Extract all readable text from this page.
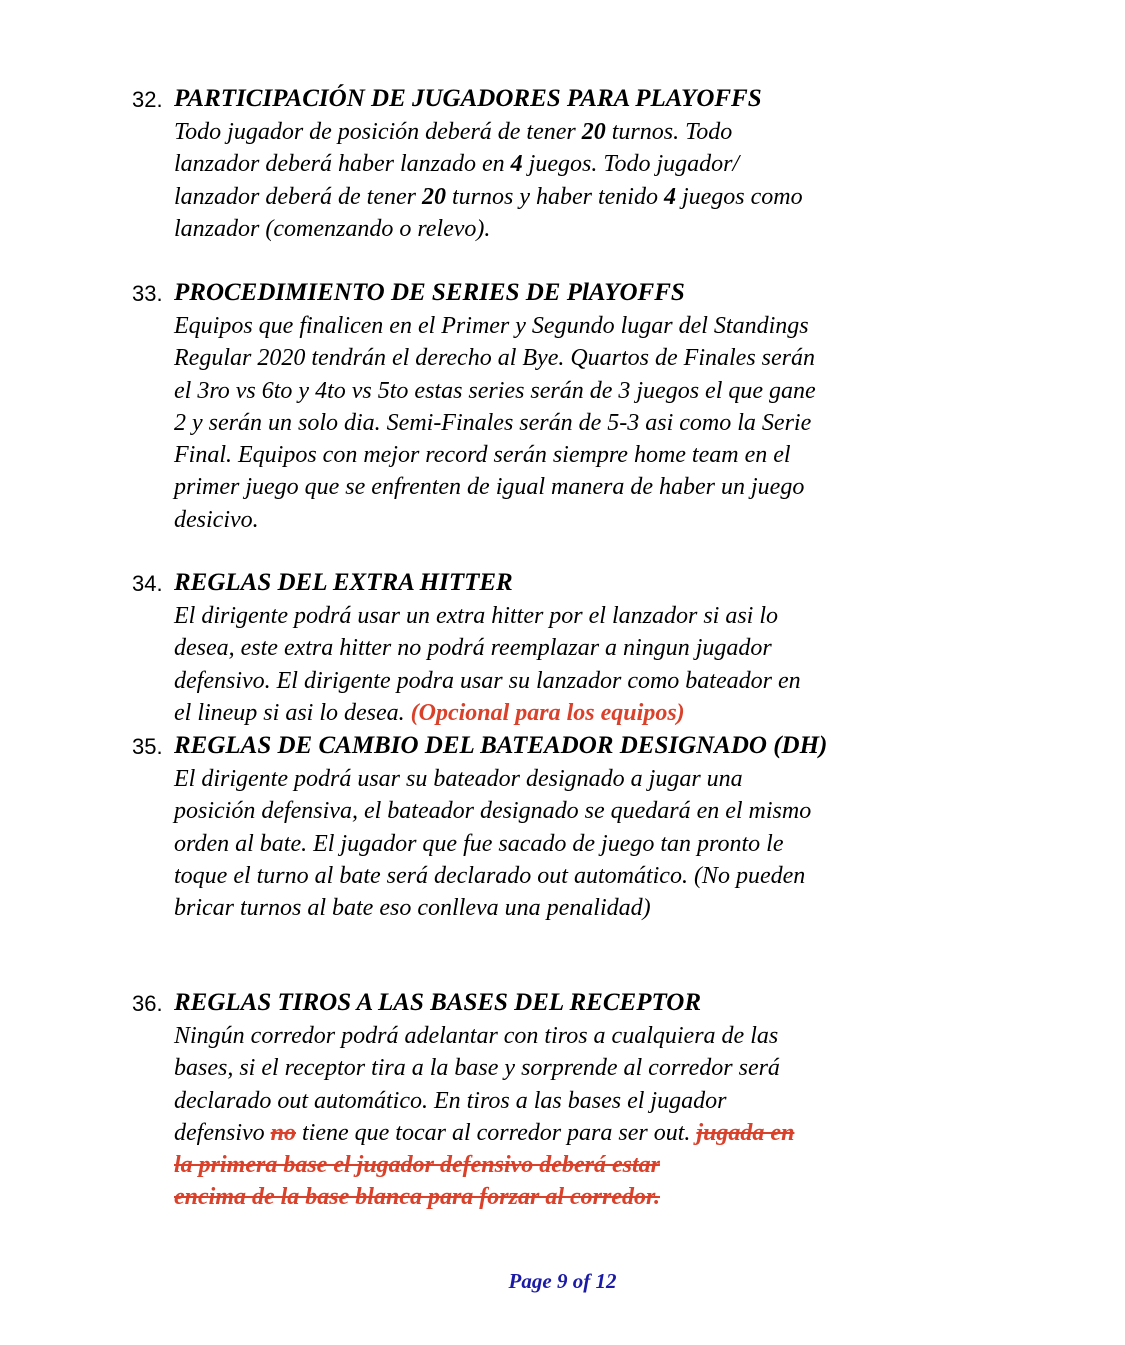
32. PARTICIPACIÓN DE JUGADORES PARA PLAYOFFS
Todo jugador de posición deberá de tener 20 turnos. Todo
lanzador deberá haber lanzado en 4 juegos. Todo jugador/
lanzador deberá de tener 20 turnos y haber tenido 4 juegos como
lanzador (comenzando o relevo).
33. PROCEDIMIENTO DE SERIES DE PlAYOFFS
Equipos que finalicen en el Primer y Segundo lugar del Standings
Regular 2020 tendrán el derecho al Bye. Quartos de Finales serán
el 3ro vs 6to y 4to vs 5to estas series serán de 3 juegos el que gane
2 y serán un solo dia. Semi-Finales serán de 5-3 asi como la Serie
Final. Equipos con mejor record serán siempre home team en el
primer juego que se enfrenten de igual manera de haber un juego
desicivo.
34. REGLAS DEL EXTRA HITTER
El dirigente podrá usar un extra hitter por el lanzador si asi lo
desea, este extra hitter no podrá reemplazar a ningun jugador
defensivo. El dirigente podra usar su lanzador como bateador en
el lineup si asi lo desea. (Opcional para los equipos)
35. REGLAS DE CAMBIO DEL BATEADOR DESIGNADO (DH)
El dirigente podrá usar su bateador designado a jugar una
posición defensiva, el bateador designado se quedará en el mismo
orden al bate. El jugador que fue sacado de juego tan pronto le
toque el turno al bate será declarado out automático. (No pueden
bricar turnos al bate eso conlleva una penalidad)
36. REGLAS TIROS A LAS BASES DEL RECEPTOR
Ningún corredor podrá adelantar con tiros a cualquiera de las
bases, si el receptor tira a la base y sorprende al corredor será
declarado out automático. En tiros a las bases el jugador
defensivo no tiene que tocar al corredor para ser out. jugada en
la primera base el jugador defensivo deberá estar
encima de la base blanca para forzar al corredor.
Page 9 of 12
